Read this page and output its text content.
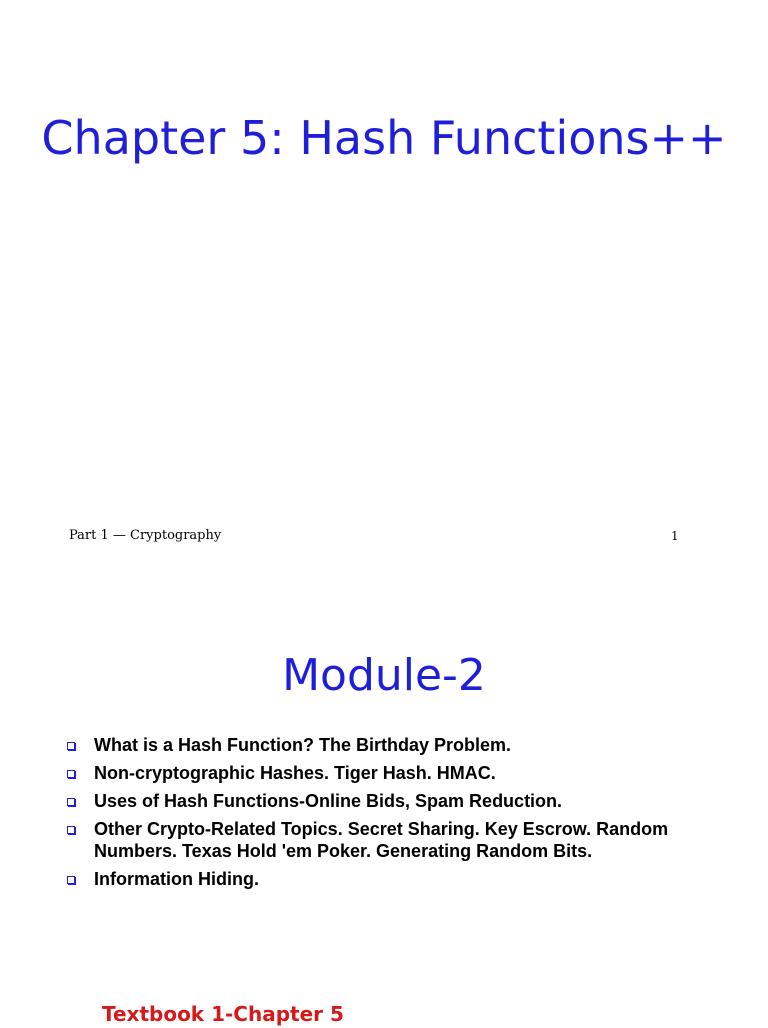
Chapter 5: Hash Functions++
Part 1 — Cryptography	1
Module-2
What is a Hash Function? The Birthday Problem.
Non-cryptographic Hashes. Tiger Hash. HMAC.
Uses of Hash Functions-Online Bids, Spam Reduction.
Other Crypto-Related Topics. Secret Sharing. Key Escrow. Random Numbers. Texas Hold 'em Poker. Generating Random Bits.
Information Hiding.
Textbook 1-Chapter 5
